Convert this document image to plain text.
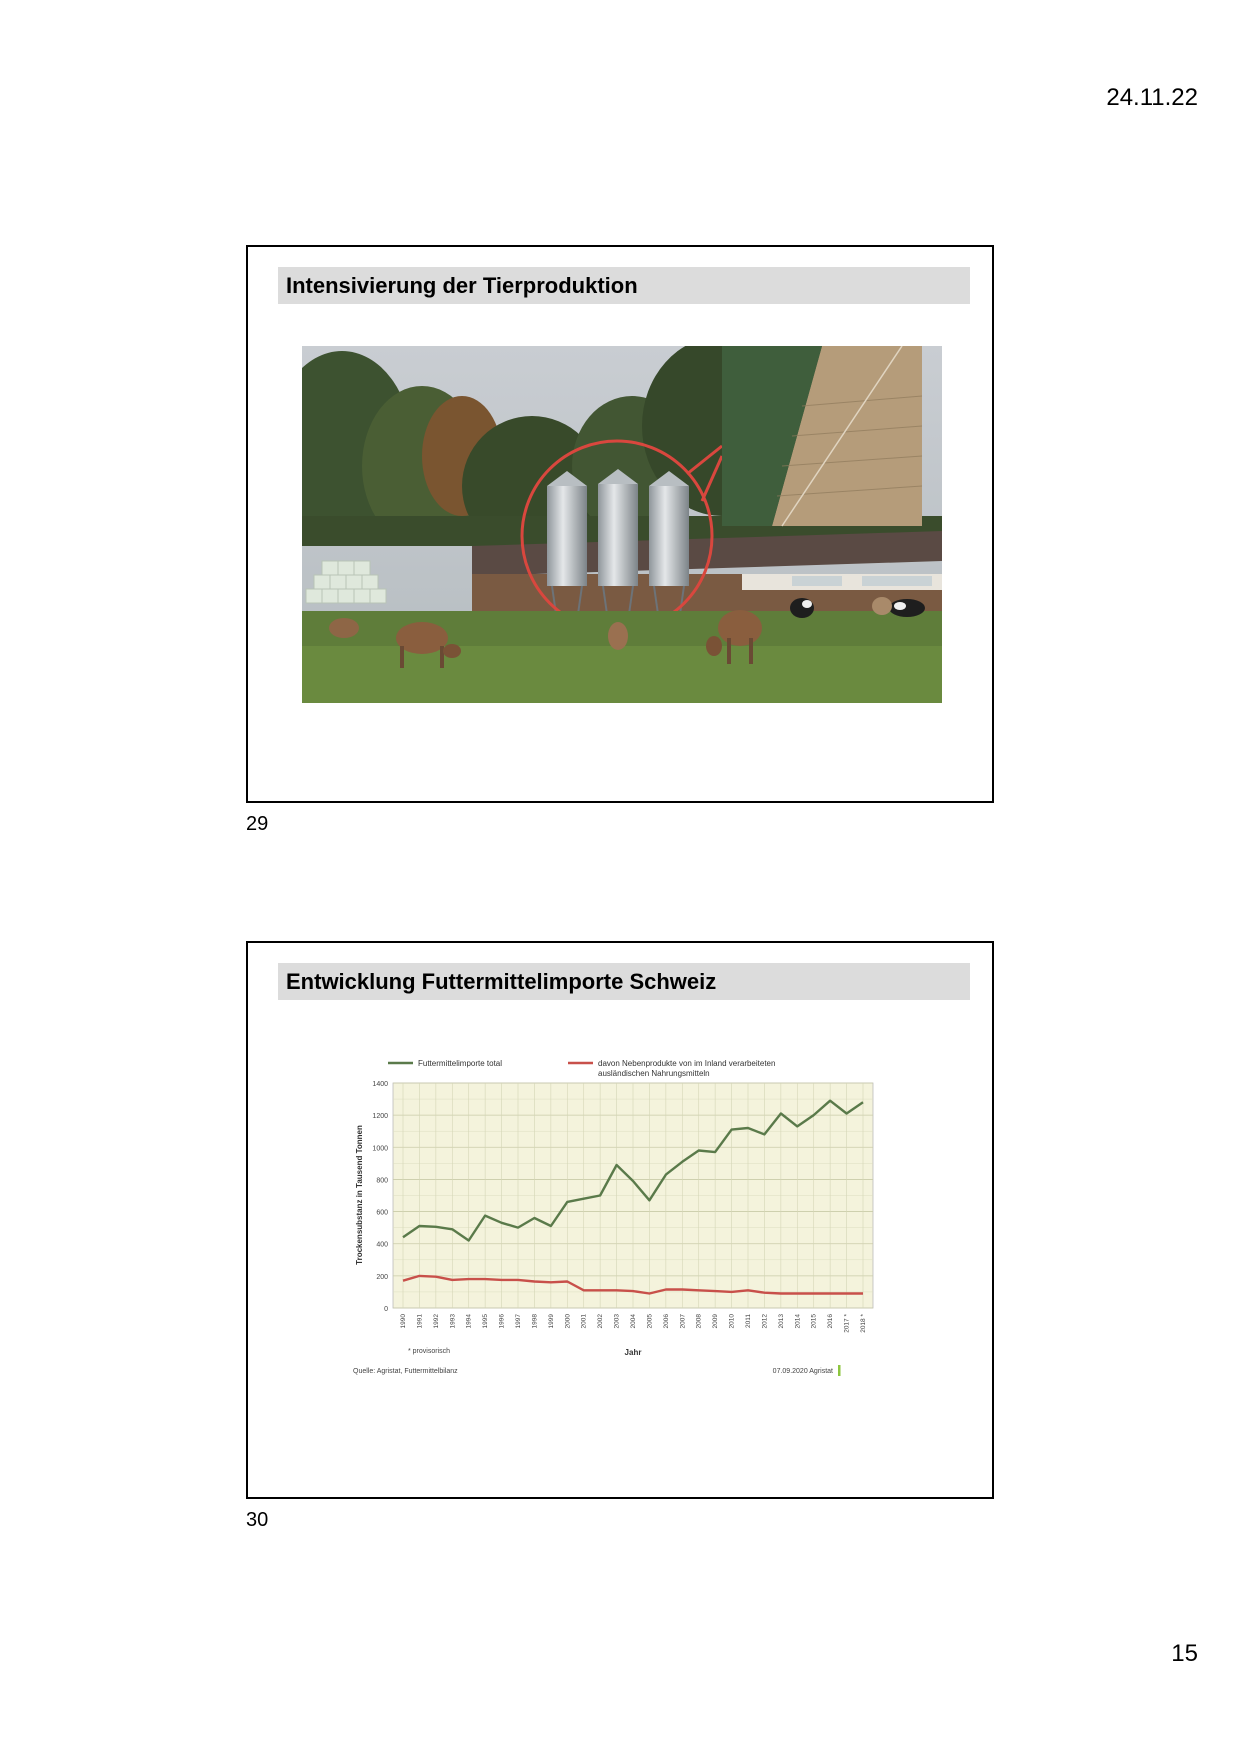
24.11.22
Intensivierung der Tierproduktion
29
Entwicklung Futtermittelimporte Schweiz
Futtermittelimporte total	davon Nebenprodukte von im Inland verarbeiteten ausländischen Nahrungsmitteln
0
200
400
600
800
1000
1200
1400
1990 1991 1992 1993 1994 1995 1996 1997 1998 1999 2000 2001 2002 2003 2004 2005 2006 2007 2008 2009 2010 2011 2012 2013 2014 2015 2016 2017 * 2018 *
Trockensubstanz in Tausend Tonnen
Jahr
* provisorisch
Quelle: Agristat, Futtermittelbilanz	07.09.2020 Agristat
30
15
